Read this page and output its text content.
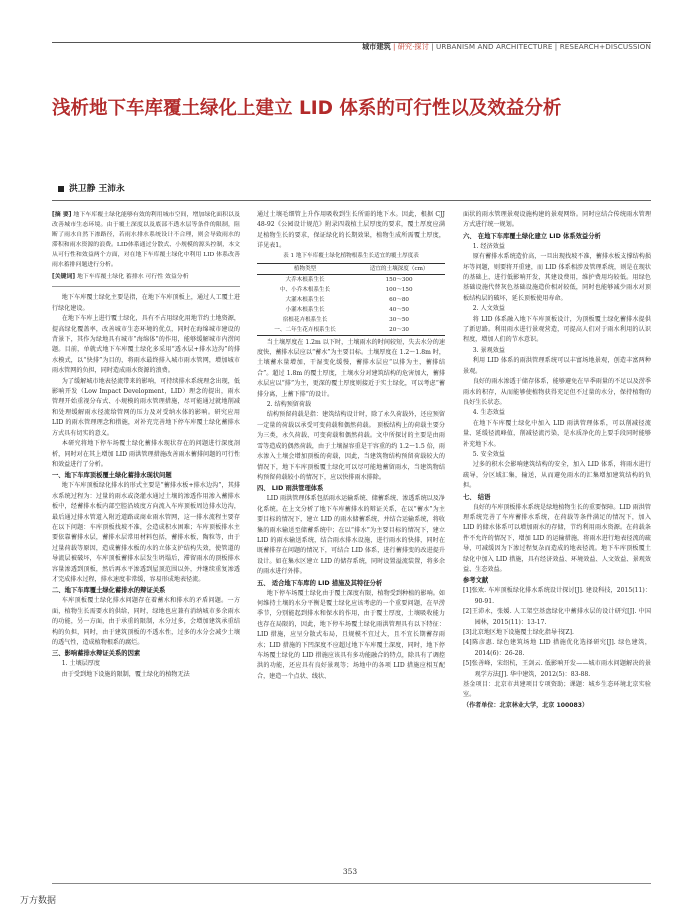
城市建筑 | 研究·探讨 | URBANISM AND ARCHITECTURE | RESEARCH+DISCUSSION
浅析地下车库覆土绿化上建立 LID 体系的可行性以及效益分析
洪卫静 王沛永

[摘 要] 地下车库覆土绿化能够有效的利用城市空间，增加绿化面积以及改善城市生态环境。由于覆土深度以及底部不透水层等条件的限制，阻断了雨水自然下渗路径，若雨水排水系统设计不合理，则会导致雨水的滞积和雨水资源的浪费。LID体系通过分散式、小规模的源头控制，本文从可行性和效益两个方面，对在地下车库覆土绿化中利用 LID 体系改善雨水蓄排问题进行分析。

[关键词] 地下车库覆土绿化 蓄排水 可行性 效益分析

地下车库覆土绿化主要是指，在地下车库顶板上，通过人工覆土进行绿化建设。

在地下车库上进行覆土绿化，具有不占用绿化用地节约土地资源，提高绿化覆盖率，改善城市生态环境的优点，同时在海绵城市建设的背景下，其作为绿地具有城市“海绵体”的作用，能够缓解城市内涝问题。目前，单就式地下车库覆土绿化多采用“透水层+排水边沟”的排水模式，以“快排”为目的，将雨水最终排入城市雨水管网，增加城市雨水管网的负担，同时造成雨水资源的浪费。

为了缓解城市地表径流带来的影响，可持续排水系统理念出现，低影响开发（Low Impact Development，LID）理念的提出，雨水管理开始重视分布式、小规模的雨水管理措施，尽可能通过就地削减和处理缓解雨水径流给管网的压力及对受纳水体的影响。研究应用 LID 的雨水管理理念和措施，对补充完善地下停车库覆土绿化蓄排水方式具有切实的意义。

本研究将地下停车场覆土绿化蓄排水现状存在的问题进行深度剖析，同时对在其上增加 LID 雨洪管理措施改善雨水蓄排问题的可行性和效益进行了分析。

一、地下车库顶板覆土绿化蓄排水现状问题

地下车库顶板绿化排水的形式主要是“蓄排水板+排水边沟”，其排水系统过程为：过量的雨水或浇灌水通过土壤的渗透作用渗入蓄排水板中，经蓄排水板内部空腔沿坡度方向流入车库顶板周边排水边沟，最后通过排水管道入附近道路或商业雨水管网，这一排水流程主要存在以下问题：车库顶板找坡不准，会造成积水困难；车库顶板排水主要依靠蓄排水层，蓄排水层常用材料包括，蓄排水板，陶粒等，由于过量荷载等原因，造成蓄排水板的水的立体支护结构失效，使管道的导流层被破坏，车库顶板蓄排水层发生坍塌后，滞留雨水的顶板排水容量渗透到顶板，然后再水平渗透到屋顶范围以外，并继续重复渗透才完成排水过程，排水速度非常缓，容易形成地表径流。

二、地下车库覆土绿化蓄排水的辩证关系

车库顶板覆土绿化排水问题存在着蓄水和排水的矛盾问题。一方面，植物生长需要水的供给，同时，绿地也应兼有消纳城市多余雨水的功能，另一方面，由于承重的限制，水分过多，会增加建筑承重结构的负担，同时，由于建筑顶板的不透水性，过多的水分会减少土壤的透气性，造成植物根系的腐烂。

三、影响蓄排水辩证关系的因素
1. 土壤层厚度

由于受到地下设施的限制，覆土绿化的植物无法

通过土壤毛细管上升作用吸收到生长所需的地下水。因此，根据 CJJ 48-92《公园设计规范》附录四栽植土层厚度的要求，覆土厚度应满足植物生长的要求，保证绿化的长期效果，植物生成所需覆土厚度，详见表1。

表 1 地下车库覆土绿化植物根系生长适宜的覆土厚度表
植物类型	适宜的土壤深度（cm）
大乔木根系生长	150～300
中、小乔木根系生长	100～150
大灌木根系生长	60～80
小灌木根系生长	40～50
宿根花卉根系生长	30～50
一、二年生花卉根系生长	20～30

当土壤厚度在 1.2m 以下时，土壤雨水的时间较短，失去水分的速度快，蓄排水层应以“蓄水”为主要目标。土壤厚度在 1.2～1.8m 时，土壤蓄水量增加，干湿变化缓慢，蓄排水层应“以排为主，蓄排结合”。超过 1.8m 的覆土厚度，土壤水分对建筑结构的危害加大，蓄排水层应以“排”为主，更深的覆土厚度则接近于实土绿化，可以考虑“蓄排分离，上蓄下排”的设计。

2. 结构预留荷载

结构预留荷载是指：建筑结构设计时，除了永久荷载外，还应预留一定量的荷载以承受可变荷载和偶然荷载。 顶板结构上的荷载主要分为三类，永久荷载、可变荷载和偶然荷载。文中所探讨的主要是由雨雪等造成的偶然荷载，由于土壤湿容重是干容重的约 1.2～1.5 倍，雨水渗入土壤会增加顶板的荷载，因此，当建筑物结构预留荷载较大的情况下，地下车库顶板覆土绿化可以尽可能地蓄留雨水，当建筑物结构预留荷载较小的情况下，应以快排雨水排除。

四、 LID 雨洪管理体系

LID 雨洪管理体系包括雨水运输系统、储蓄系统、渗透系统以及净化系统。在上文分析了地下车库蓄排水的辩证关系，在以“蓄水”为主要目标的情况下，建立 LID 的雨水储蓄系统，并结合运输系统，将收集的雨水输送至储蓄系统中；在以“排水”为主要目标的情况下，建立 LID 的雨水输送系统，结合雨水排水设施，进行雨水的快排，同时在既蓄排存在问题的情况下，可结合 LID 体系，进行蓄排变的改进提升设计。如在集水区建立 LID 的储存系统，同时设置溢流装置，将多余的雨水进行外排。

五、 适合地下车库的 LID 措施及其特征分析

地下停车场覆土绿化由于覆土深度有限，植物受到种植的影响。如何维持土壤的水分平衡是覆土绿化应该考虑的一个重要问题，在旱涝季节，分别能起到排水和保水的作用，由于覆土厚度，土壤吸收能力也存在局限的，因此，地下停车场覆土绿化雨洪管理具有以下特征：LID 措施，应呈分散式布局，且规模不宜过大，且不宜长期蓄存雨水；LID 措施的下凹深度不应超过地下车库覆土深度，同时，地下停车场覆土绿化的 LID 措施应该具有多功能融合的特点，除具有了调控洪的功能，还应具有良好景观等；场地中的各项 LID 措施应相互配合，建造一个点状、线状、

面状的雨水管理景观设施构建的景观网络。同时应结合传统雨水管理方式进行统一规划。

六、 在地下车库覆土绿化建立 LID 体系效益分析
1. 经济效益

原有蓄排水系统造价高，一旦出现找坡不准，蓄排水板支撑结构损坏等问题，则要将开重建，而 LID 体系相涉及管理系统，则是在现状的基础上，进行低影响开发，其建设费用，维护费用均较低。用绿色基础设施代替灰色基础设施造价相对较低，同时也能够减少雨水对顶板结构层的破坏，延长顶板使用寿命。

2. 人文效益

将 LID 体系融入地下车库顶板设计，为顶板覆土绿化蓄排水提供了新思路。利用雨水进行景观营造，可提高人们对于雨水利用的认识程度，增加人们的节水意识。

3. 景观效益

利用 LID 体系的雨洪管理系统可以丰富场地景观，创造丰富两种景观。

良好的雨水渗透于储存体系，能够避免在旱季雨量的不足以及涝季雨水的积存，从而能够使植物获得充足但不过量的水分，保持植物的良好生长状态。

4. 生态效益

在地下车库覆土绿化中加入 LID 雨洪管理体系，可以削减径流量、延缓径流峰值，削减径流污染，是水质净化的上要手段同时能够补充地下水。

5. 安全效益

过多的积水会影响建筑结构的安全，加入 LID 体系，将雨水进行疏导，分区域汇集，输送，从而避免雨水的汇集增加建筑结构的负担。

七、 结语

良好的车库顶板排水系统是绿地植物生长的重要保障。LID 雨洪管理系统完善了车库蓄排水系统，在荷载等条件满足的情况下，加入 LID 的储水体系可以增加雨水的存储，节约利用雨水资源。在荷载条件不允许的情况下，增加 LID 的运输措施，将雨水进行地表径流的疏导，可减缓因为下渗过程复杂而造成的地表径流。地下车库顶板覆土绿化中加入 LID 措施，具有经济效益、环境效益、人文效益、景观效益、生态效益。

参考文献

[1]张欢. 车库顶板绿化排水系统设计探讨[J]. 建设科技，2015(11)：90-91.

[2]王沛永，张媛. 人工架空基盘绿化中蓄排水层的设计研究[J]. 中国园林，2015(11)：13-17.

[3]北京地区地下设施覆土绿化指导书[Z].

[4]陈彦惠. 绿色建筑场地 LID 措施优化选择研究[J]. 绿色建筑，2014(6)：26-28.

[5]张善峰，宋绍杭，王剑云. 低影响开发——城市雨水问题解决的景观学方法[J]. 华中建筑，2012(5)：83-88.

基金项目：北京市共建项目专项资助；课题：城乡生态环境北京实验室。

（作者单位：北京林业大学，北京 100083）

353
万方数据
